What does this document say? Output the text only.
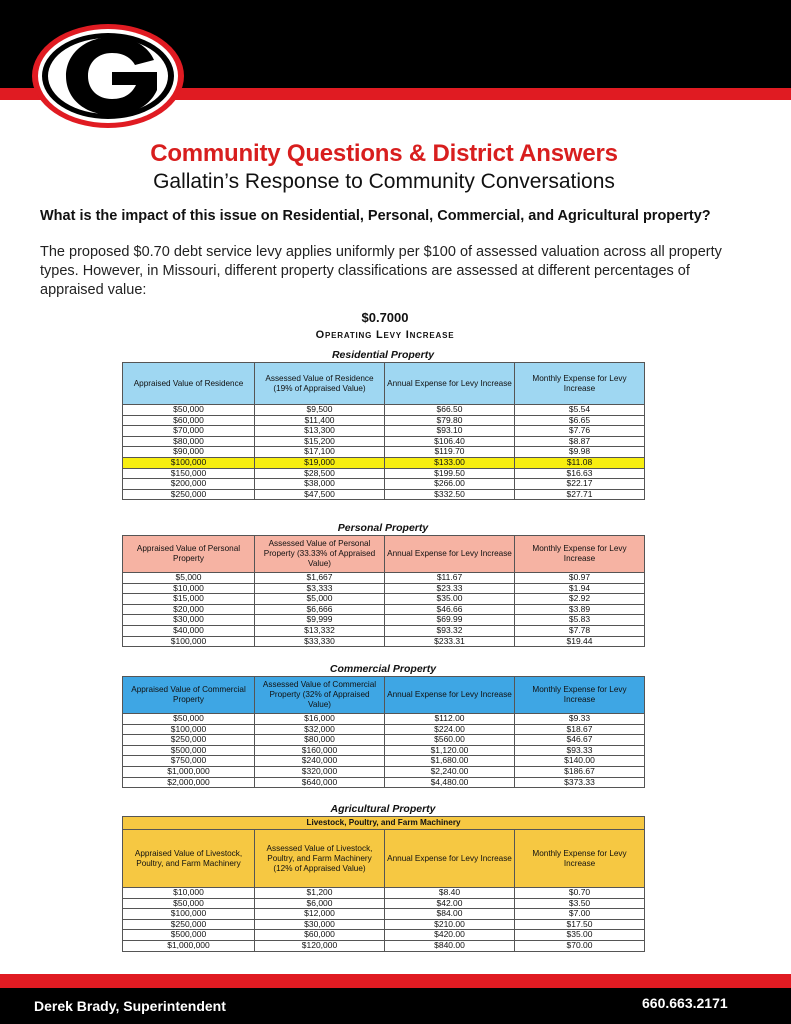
Community Questions & District Answers
Gallatin’s Response to Community Conversations
What is the impact of this issue on Residential, Personal, Commercial, and Agricultural property?
The proposed $0.70 debt service levy applies uniformly per $100 of assessed valuation across all property types. However, in Missouri, different property classifications are assessed at different percentages of appraised value:
$0.7000
Operating Levy Increase
Residential Property
Appraised Value of Residence	Assessed Value of Residence (19% of Appraised Value)	Annual Expense for Levy Increase	Monthly Expense for Levy Increase
$50,000	$9,500	$66.50	$5.54
$60,000	$11,400	$79.80	$6.65
$70,000	$13,300	$93.10	$7.76
$80,000	$15,200	$106.40	$8.87
$90,000	$17,100	$119.70	$9.98
$100,000	$19,000	$133.00	$11.08
$150,000	$28,500	$199.50	$16.63
$200,000	$38,000	$266.00	$22.17
$250,000	$47,500	$332.50	$27.71
Personal Property
Appraised Value of Personal Property	Assessed Value of Personal Property (33.33% of Appraised Value)	Annual Expense for Levy Increase	Monthly Expense for Levy Increase
$5,000	$1,667	$11.67	$0.97
$10,000	$3,333	$23.33	$1.94
$15,000	$5,000	$35.00	$2.92
$20,000	$6,666	$46.66	$3.89
$30,000	$9,999	$69.99	$5.83
$40,000	$13,332	$93.32	$7.78
$100,000	$33,330	$233.31	$19.44
Commercial Property
Appraised Value of Commercial Property	Assessed Value of Commercial Property (32% of Appraised Value)	Annual Expense for Levy Increase	Monthly Expense for Levy Increase
$50,000	$16,000	$112.00	$9.33
$100,000	$32,000	$224.00	$18.67
$250,000	$80,000	$560.00	$46.67
$500,000	$160,000	$1,120.00	$93.33
$750,000	$240,000	$1,680.00	$140.00
$1,000,000	$320,000	$2,240.00	$186.67
$2,000,000	$640,000	$4,480.00	$373.33
Agricultural Property
Livestock, Poultry, and Farm Machinery			
Appraised Value of Livestock, Poultry, and Farm Machinery	Assessed Value of Livestock, Poultry, and Farm Machinery (12% of Appraised Value)	Annual Expense for Levy Increase	Monthly Expense for Levy Increase
$10,000	$1,200	$8.40	$0.70
$50,000	$6,000	$42.00	$3.50
$100,000	$12,000	$84.00	$7.00
$250,000	$30,000	$210.00	$17.50
$500,000	$60,000	$420.00	$35.00
$1,000,000	$120,000	$840.00	$70.00
Derek Brady, Superintendent	660.663.2171
